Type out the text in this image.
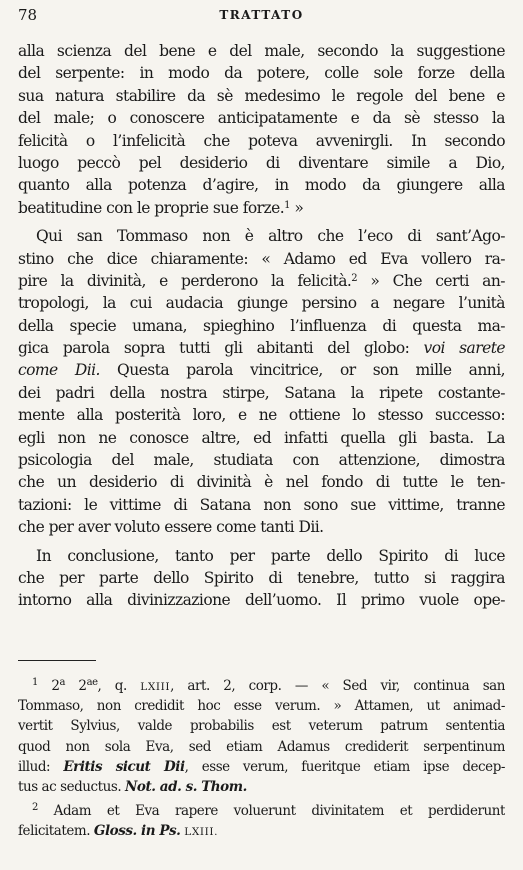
78	TRATTATO
alla scienza del bene e del male, secondo la suggestione
del serpente: in modo da potere, colle sole forze della
sua natura stabilire da sè medesimo le regole del bene e
del male; o conoscere anticipatamente e da sè stesso la
felicità o l’infelicità che poteva avvenirgli. In secondo
luogo peccò pel desiderio di diventare simile a Dio,
quanto alla potenza d’agire, in modo da giungere alla
beatitudine con le proprie sue forze.$^1$ »
Qui san Tommaso non è altro che l’eco di sant’Ago-
stino che dice chiaramente: « Adamo ed Eva vollero ra-
pire la divinità, e perderono la felicità.$^2$ » Che certi an-
tropologi, la cui audacia giunge persino a negare l’unità
della specie umana, spieghino l’influenza di questa ma-
gica parola sopra tutti gli abitanti del globo: voi sarete
come Dii. Questa parola vincitrice, or son mille anni,
dei padri della nostra stirpe, Satana la ripete costante-
mente alla posterità loro, e ne ottiene lo stesso successo:
egli non ne conosce altre, ed infatti quella gli basta. La
psicologia del male, studiata con attenzione, dimostra
che un desiderio di divinità è nel fondo di tutte le ten-
tazioni: le vittime di Satana non sono sue vittime, tranne
che per aver voluto essere come tanti Dii.
In conclusione, tanto per parte dello Spirito di luce
che per parte dello Spirito di tenebre, tutto si raggira
intorno alla divinizzazione dell’uomo. Il primo vuole ope-
$^1$ 2$^a$ $2^{ae}$, q. LXIII, art. 2, corp. — « Sed vir, continua san
Tommaso, non credidit hoc esse verum. » Attamen, ut animad-
vertit Sylvius, valde probabilis est veterum patrum sententia
quod non sola Eva, sed etiam Adamus crediderit serpentinum
illud: Eritis sicut Dii, esse verum, fueritque etiam ipse decep-
tus ac seductus. Not. ad. s. Thom.
$^2$ Adam et Eva rapere voluerunt divinitatem et perdiderunt
felicitatem. Gloss. in Ps. LXIII.
